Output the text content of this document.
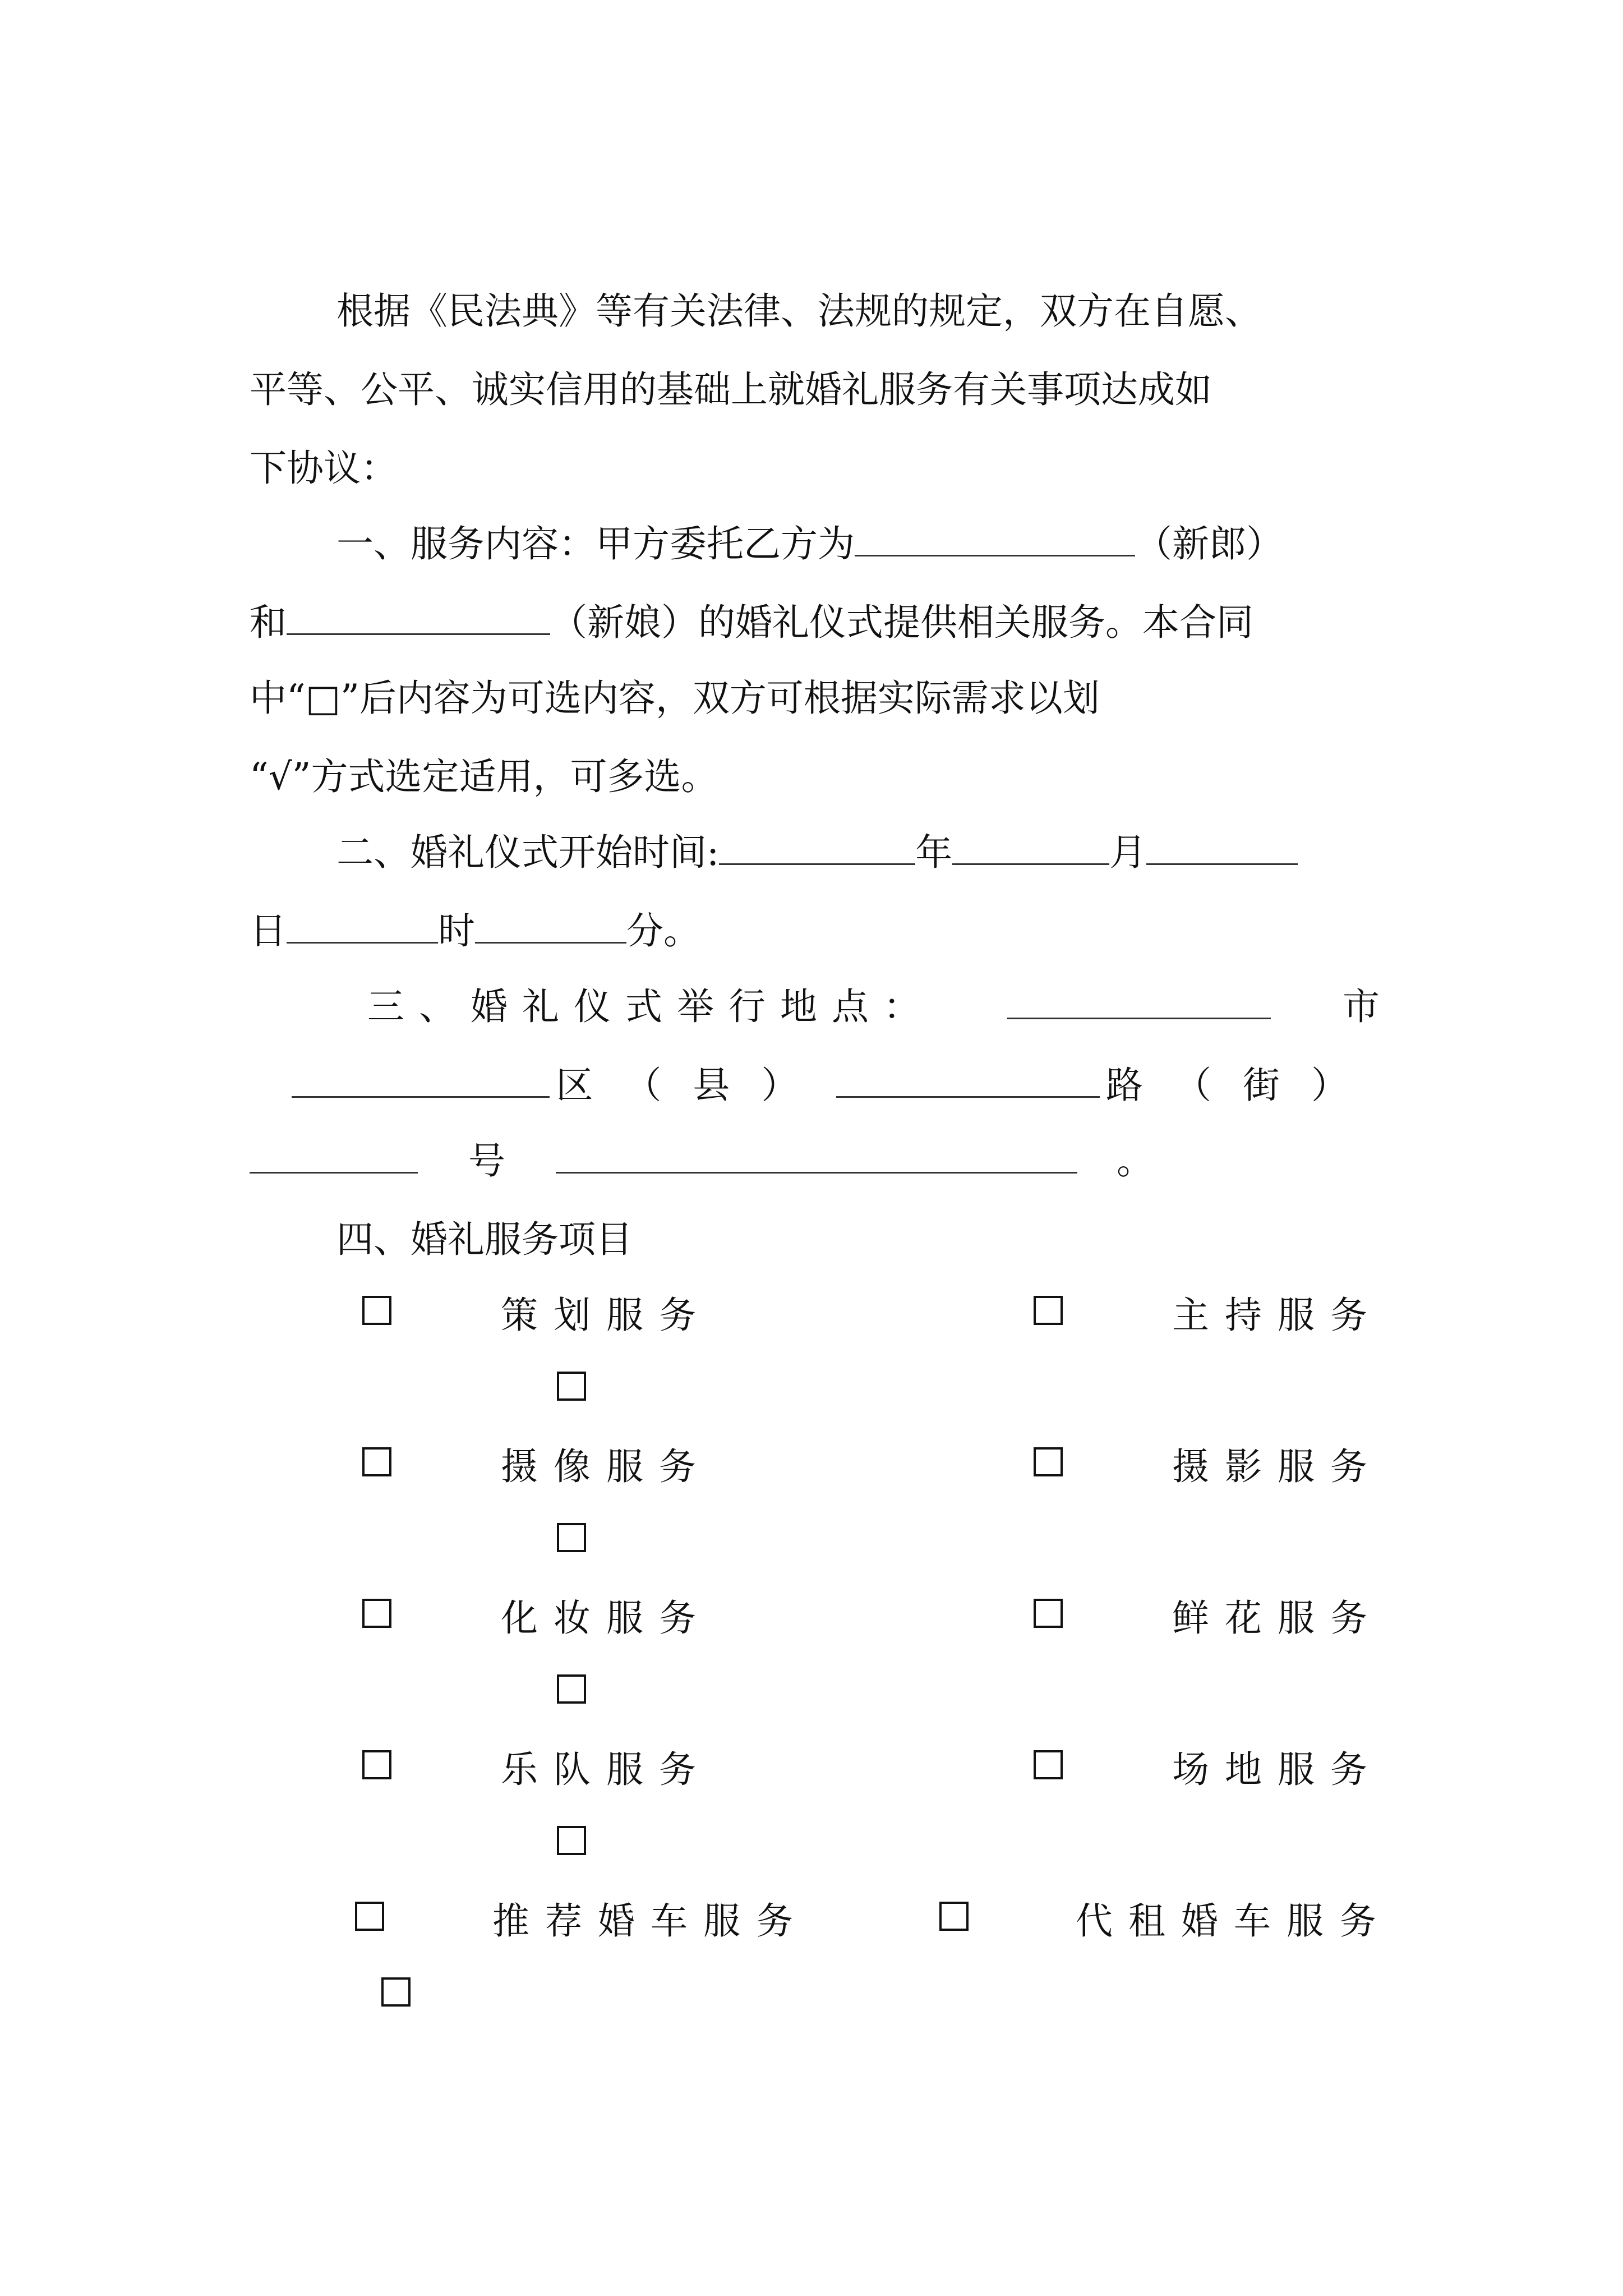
根据《民法典》等有关法律、法规的规定，双方在自愿、
平等、公平、诚实信用的基础上就婚礼服务有关事项达成如
下协议：
一、服务内容：甲方委托乙方为	（新郎）
和	（新娘）的婚礼仪式提供相关服务。本合同
中“□”后内容为可选内容，双方可根据实际需求以划
“√”方式选定适用，可多选。
二、婚礼仪式开始时间:	年	月
日	时	分。
三、婚礼仪式举行地点：	市
区（县）	路（街）
号	。
四、婚礼服务项目
策划服务	主持服务
摄像服务	摄影服务
化妆服务	鲜花服务
乐队服务	场地服务
推荐婚车服务	代租婚车服务
